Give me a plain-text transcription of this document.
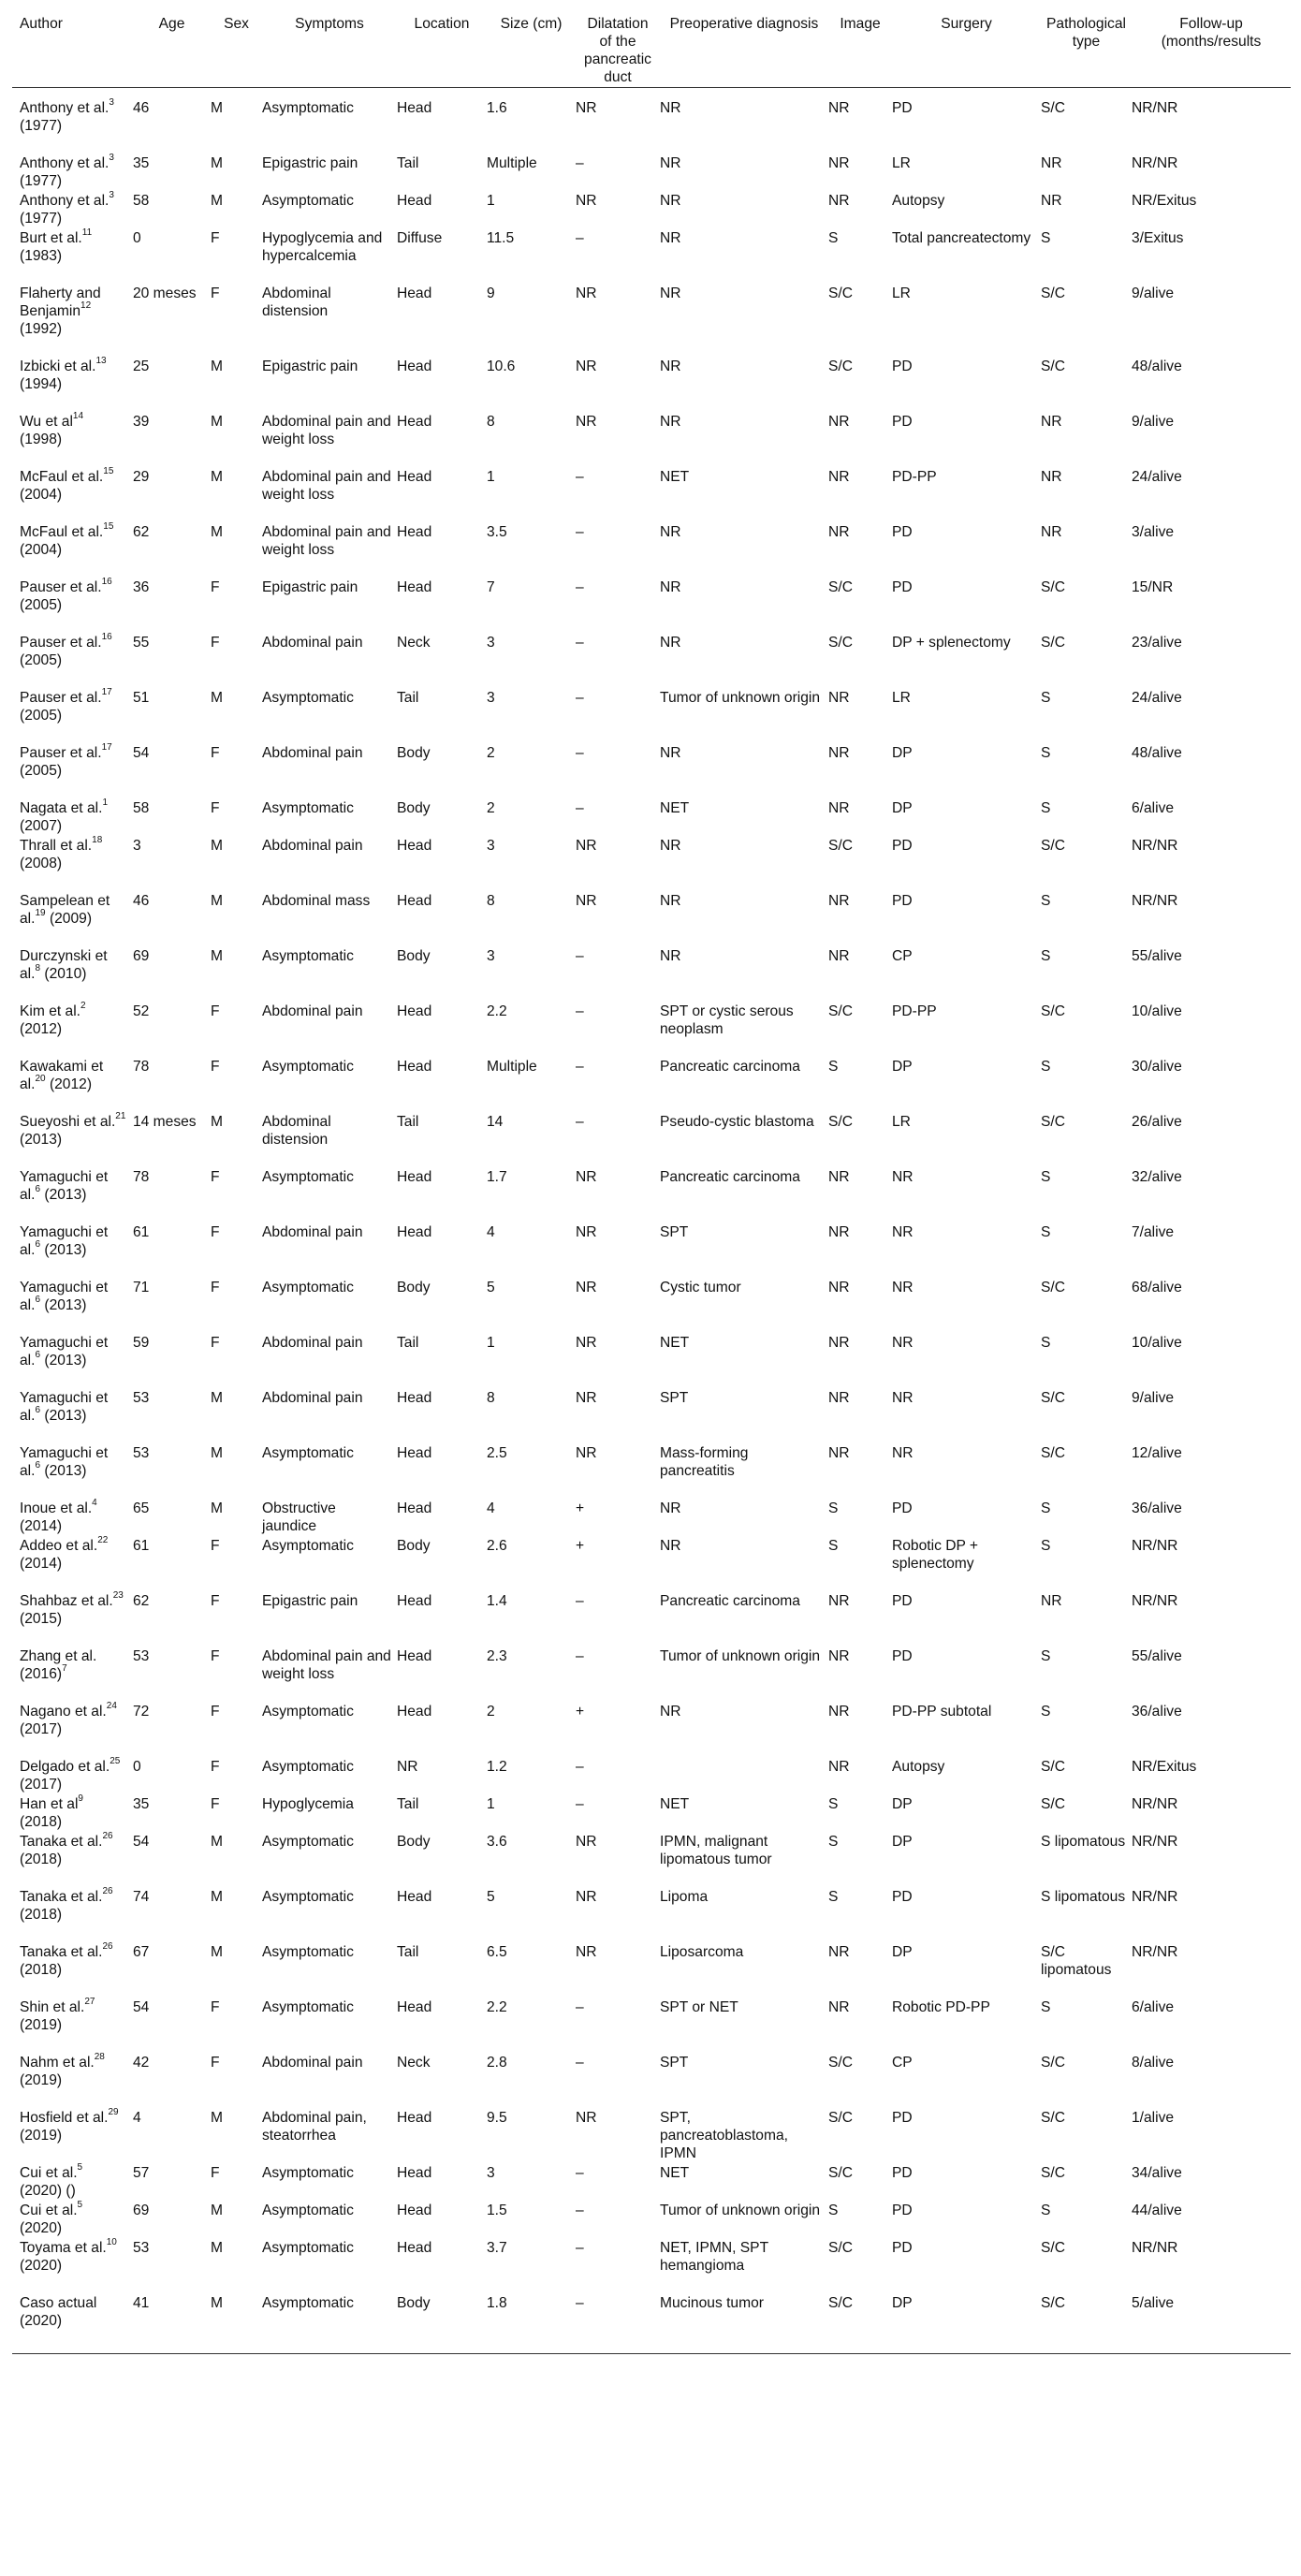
Author	Age	Sex	Symptoms	Location	Size (cm)	Dilatation of the pancreatic duct	Preoperative diagnosis	Image	Surgery	Pathological type	Follow-up (months/results
Anthony et al.$^3$ (1977)	46	M	Asymptomatic	Head	1.6	NR	NR	NR	PD	S/C	NR/NR
Anthony et al.$^3$ (1977)	35	M	Epigastric pain	Tail	Multiple	–	NR	NR	LR	NR	NR/NR
Anthony et al.$^3$ (1977)	58	M	Asymptomatic	Head	1	NR	NR	NR	Autopsy	NR	NR/Exitus
Burt et al.$^{11}$ (1983)	0	F	Hypoglycemia and hypercalcemia	Diffuse	11.5	–	NR	S	Total pancreatectomy	S	3/Exitus
Flaherty and Benjamin$^{12}$ (1992)	20 meses	F	Abdominal distension	Head	9	NR	NR	S/C	LR	S/C	9/alive
Izbicki et al.$^{13}$ (1994)	25	M	Epigastric pain	Head	10.6	NR	NR	S/C	PD	S/C	48/alive
Wu et $al^{14}$ (1998)	39	M	Abdominal pain and weight loss	Head	8	NR	NR	NR	PD	NR	9/alive
McFaul et al.$^{15}$ (2004)	29	M	Abdominal pain and weight loss	Head	1	–	NET	NR	PD-PP	NR	24/alive
McFaul et al.$^{15}$ (2004)	62	M	Abdominal pain and weight loss	Head	3.5	–	NR	NR	PD	NR	3/alive
Pauser et al.$^{16}$ (2005)	36	F	Epigastric pain	Head	7	–	NR	S/C	PD	S/C	15/NR
Pauser et al.$^{16}$ (2005)	55	F	Abdominal pain	Neck	3	–	NR	S/C	DP + splenectomy	S/C	23/alive
Pauser et al.$^{17}$ (2005)	51	M	Asymptomatic	Tail	3	–	Tumor of unknown origin	NR	LR	S	24/alive
Pauser et al.$^{17}$ (2005)	54	F	Abdominal pain	Body	2	–	NR	NR	DP	S	48/alive
Nagata et al.$^1$ (2007)	58	F	Asymptomatic	Body	2	–	NET	NR	DP	S	6/alive
Thrall et al.$^{18}$ (2008)	3	M	Abdominal pain	Head	3	NR	NR	S/C	PD	S/C	NR/NR
Sampelean et al.$^{19}$ (2009)	46	M	Abdominal mass	Head	8	NR	NR	NR	PD	S	NR/NR
Durczynski et al.$^8$ (2010)	69	M	Asymptomatic	Body	3	–	NR	NR	CP	S	55/alive
Kim et al.$^2$ (2012)	52	F	Abdominal pain	Head	2.2	–	SPT or cystic serous neoplasm	S/C	PD-PP	S/C	10/alive
Kawakami et al.$^{20}$ (2012)	78	F	Asymptomatic	Head	Multiple	–	Pancreatic carcinoma	S	DP	S	30/alive
Sueyoshi et al.$^{21}$ (2013)	14 meses	M	Abdominal distension	Tail	14	–	Pseudo-cystic blastoma	S/C	LR	S/C	26/alive
Yamaguchi et al.$^6$ (2013)	78	F	Asymptomatic	Head	1.7	NR	Pancreatic carcinoma	NR	NR	S	32/alive
Yamaguchi et al.$^6$ (2013)	61	F	Abdominal pain	Head	4	NR	SPT	NR	NR	S	7/alive
Yamaguchi et al.$^6$ (2013)	71	F	Asymptomatic	Body	5	NR	Cystic tumor	NR	NR	S/C	68/alive
Yamaguchi et al.$^6$ (2013)	59	F	Abdominal pain	Tail	1	NR	NET	NR	NR	S	10/alive
Yamaguchi et al.$^6$ (2013)	53	M	Abdominal pain	Head	8	NR	SPT	NR	NR	S/C	9/alive
Yamaguchi et al.$^6$ (2013)	53	M	Asymptomatic	Head	2.5	NR	Mass-forming pancreatitis	NR	NR	S/C	12/alive
Inoue et al.$^4$ (2014)	65	M	Obstructive jaundice	Head	4	+	NR	S	PD	S	36/alive
Addeo et al.$^{22}$ (2014)	61	F	Asymptomatic	Body	2.6	+	NR	S	Robotic DP + splenectomy	S	NR/NR
Shahbaz et al.$^{23}$ (2015)	62	F	Epigastric pain	Head	1.4	–	Pancreatic carcinoma	NR	PD	NR	NR/NR
Zhang et al. $(2016)^7$	53	F	Abdominal pain and weight loss	Head	2.3	–	Tumor of unknown origin	NR	PD	S	55/alive
Nagano et al.$^{24}$ (2017)	72	F	Asymptomatic	Head	2	+	NR	NR	PD-PP subtotal	S	36/alive
Delgado et al.$^{25}$ (2017)	0	F	Asymptomatic	NR	1.2	–		NR	Autopsy	S/C	NR/Exitus
Han et $al^9$ (2018)	35	F	Hypoglycemia	Tail	1	–	NET	S	DP	S/C	NR/NR
Tanaka et al.$^{26}$ (2018)	54	M	Asymptomatic	Body	3.6	NR	IPMN, malignant lipomatous tumor	S	DP	S lipomatous	NR/NR
Tanaka et al.$^{26}$ (2018)	74	M	Asymptomatic	Head	5	NR	Lipoma	S	PD	S lipomatous	NR/NR
Tanaka et al.$^{26}$ (2018)	67	M	Asymptomatic	Tail	6.5	NR	Liposarcoma	NR	DP	S/C lipomatous	NR/NR
Shin et al.$^{27}$ (2019)	54	F	Asymptomatic	Head	2.2	–	SPT or NET	NR	Robotic PD-PP	S	6/alive
Nahm et al.$^{28}$ (2019)	42	F	Abdominal pain	Neck	2.8	–	SPT	S/C	CP	S/C	8/alive
Hosfield et al.$^{29}$ (2019)	4	M	Abdominal pain, steatorrhea	Head	9.5	NR	SPT, pancreatoblastoma, IPMN	S/C	PD	S/C	1/alive
Cui et al.$^5$ (2020) ()	57	F	Asymptomatic	Head	3	–	NET	S/C	PD	S/C	34/alive
Cui et al.$^5$ (2020)	69	M	Asymptomatic	Head	1.5	–	Tumor of unknown origin	S	PD	S	44/alive
Toyama et al.$^{10}$ (2020)	53	M	Asymptomatic	Head	3.7	–	NET, IPMN, SPT hemangioma	S/C	PD	S/C	NR/NR
Caso actual (2020)	41	M	Asymptomatic	Body	1.8	–	Mucinous tumor	S/C	DP	S/C	5/alive
